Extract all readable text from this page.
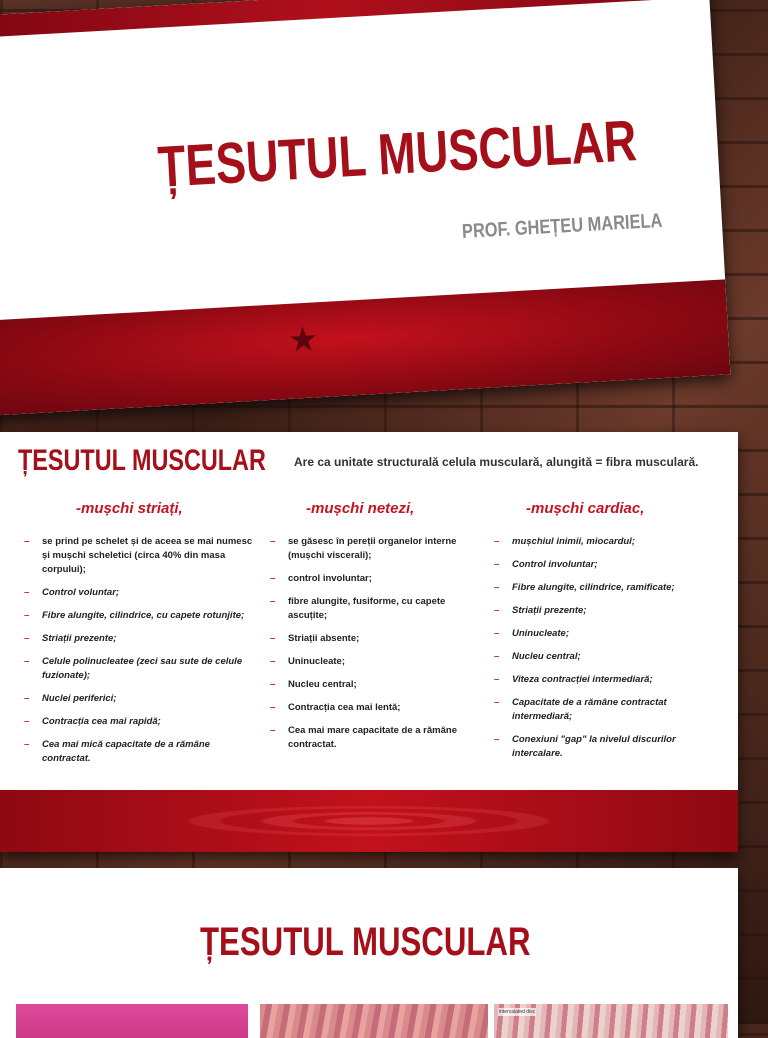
ȚESUTUL MUSCULAR
PROF. GHEȚEU MARIELA
★
ȚESUTUL MUSCULAR Are ca unitate structurală celula musculară, alungită = fibra musculară.
-mușchi striați,
– se prind pe schelet și de aceea se mai numesc și mușchi scheletici (circa 40% din masa corpului);
– Control voluntar;
– Fibre alungite, cilindrice, cu capete rotunjite;
– Striații prezente;
– Celule polinucleatee (zeci sau sute de celule fuzionate);
– Nuclei periferici;
– Contracția cea mai rapidă;
– Cea mai mică capacitate de a rămâne contractat.
-mușchi netezi,
– se găsesc în pereții organelor interne (mușchi viscerali);
– control involuntar;
– fibre alungite, fusiforme, cu capete ascuțite;
– Striații absente;
– Uninucleate;
– Nucleu central;
– Contracția cea mai lentă;
– Cea mai mare capacitate de a rămâne contractat.
-mușchi cardiac,
– mușchiul inimii, miocardul;
– Control involuntar;
– Fibre alungite, cilindrice, ramificate;
– Striații prezente;
– Uninucleate;
– Nucleu central;
– Viteza contracției intermediară;
– Capacitate de a rămâne contractat intermediară;
– Conexiuni "gap" la nivelul discurilor intercalare.
ȚESUTUL MUSCULAR
intercalated disc
